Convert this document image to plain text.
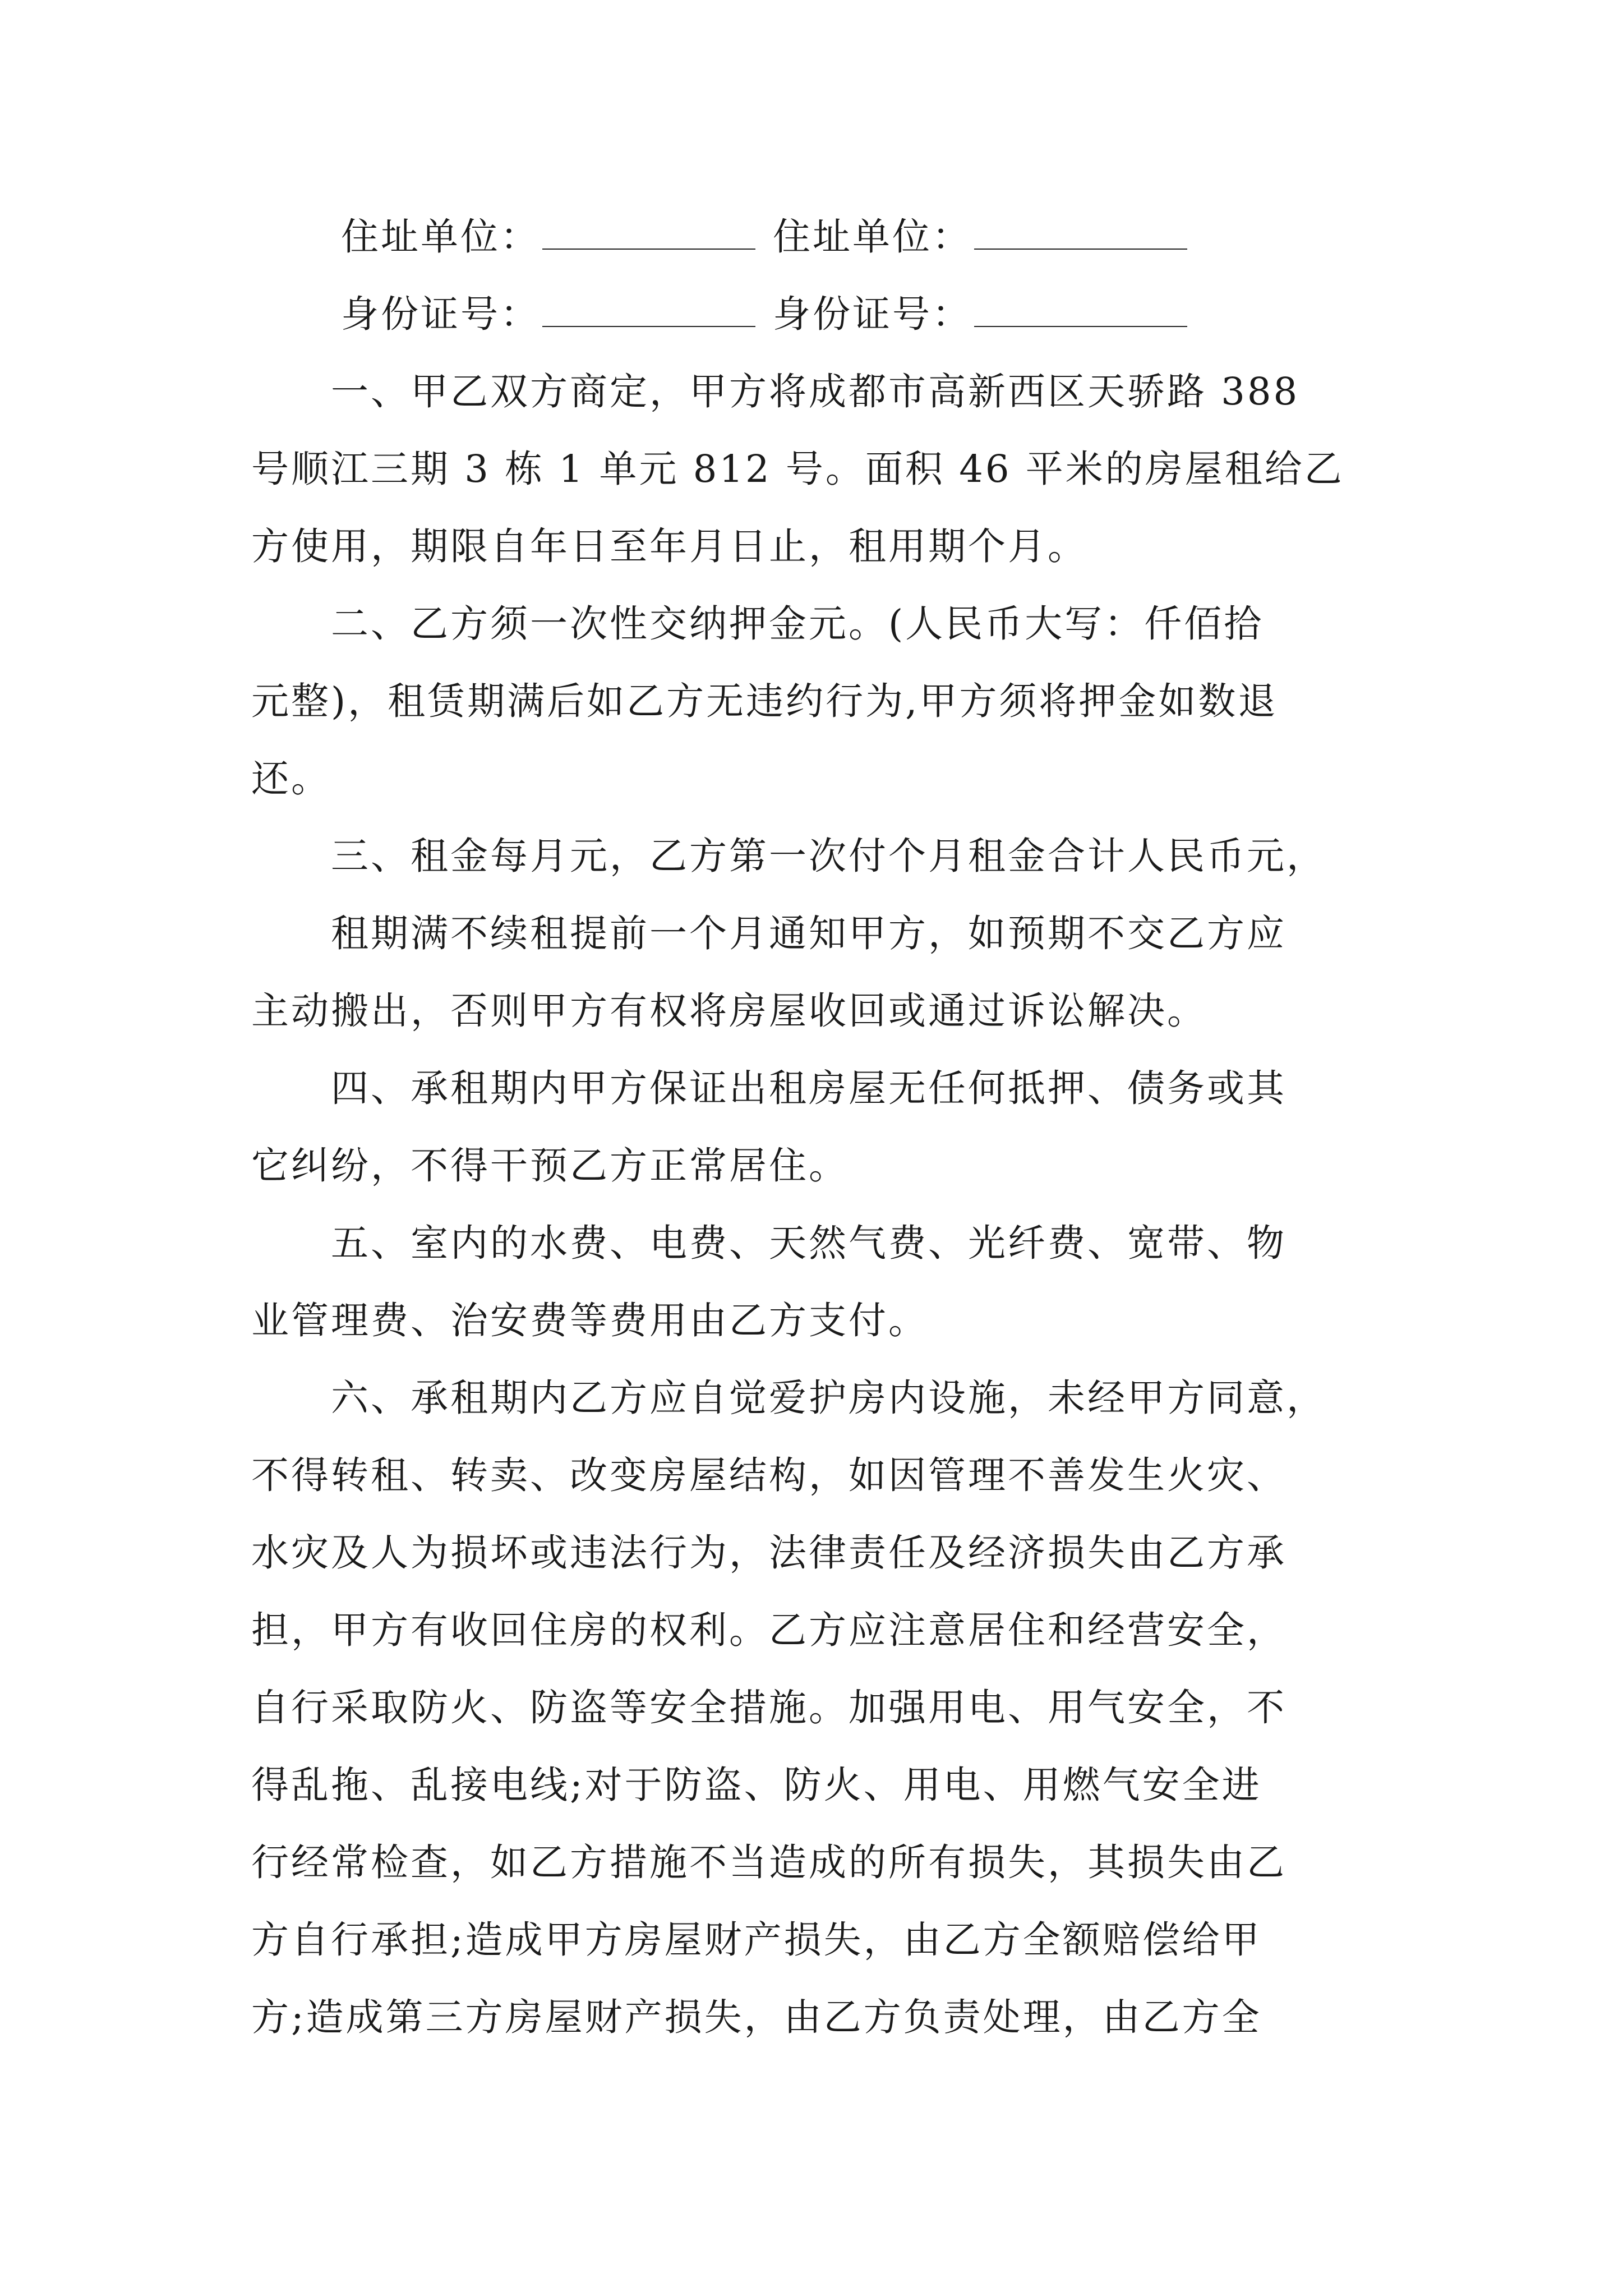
住址单位：	住址单位：
身份证号：	身份证号：
　　一、甲乙双方商定，甲方将成都市高新西区天骄路 388
号顺江三期 3 栋 1 单元 812 号。面积 46 平米的房屋租给乙
方使用，期限自年日至年月日止，租用期个月。
　　二、乙方须一次性交纳押金元。(人民币大写：仟佰拾
元整)，租赁期满后如乙方无违约行为,甲方须将押金如数退
还。
　　三、租金每月元，乙方第一次付个月租金合计人民币元，
　　租期满不续租提前一个月通知甲方，如预期不交乙方应
主动搬出，否则甲方有权将房屋收回或通过诉讼解决。
　　四、承租期内甲方保证出租房屋无任何抵押、债务或其
它纠纷，不得干预乙方正常居住。
　　五、室内的水费、电费、天然气费、光纤费、宽带、物
业管理费、治安费等费用由乙方支付。
　　六、承租期内乙方应自觉爱护房内设施，未经甲方同意，
不得转租、转卖、改变房屋结构，如因管理不善发生火灾、
水灾及人为损坏或违法行为，法律责任及经济损失由乙方承
担，甲方有收回住房的权利。乙方应注意居住和经营安全，
自行采取防火、防盗等安全措施。加强用电、用气安全，不
得乱拖、乱接电线;对于防盗、防火、用电、用燃气安全进
行经常检查，如乙方措施不当造成的所有损失，其损失由乙
方自行承担;造成甲方房屋财产损失，由乙方全额赔偿给甲
方;造成第三方房屋财产损失，由乙方负责处理，由乙方全
